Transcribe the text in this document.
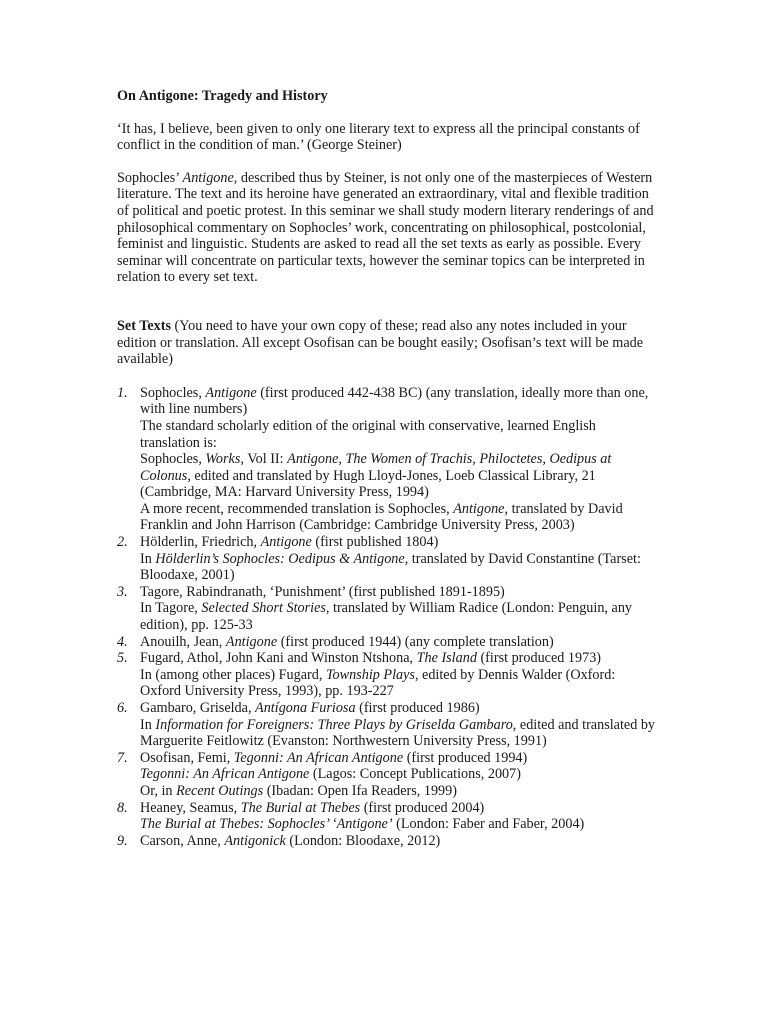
On Antigone: Tragedy and History
‘It has, I believe, been given to only one literary text to express all the principal constants of conflict in the condition of man.’ (George Steiner)
Sophocles’ Antigone, described thus by Steiner, is not only one of the masterpieces of Western literature. The text and its heroine have generated an extraordinary, vital and flexible tradition of political and poetic protest. In this seminar we shall study modern literary renderings of and philosophical commentary on Sophocles’ work, concentrating on philosophical, postcolonial, feminist and linguistic. Students are asked to read all the set texts as early as possible. Every seminar will concentrate on particular texts, however the seminar topics can be interpreted in relation to every set text.
Set Texts (You need to have your own copy of these; read also any notes included in your edition or translation. All except Osofisan can be bought easily; Osofisan’s text will be made available)
1. Sophocles, Antigone (first produced 442-438 BC) (any translation, ideally more than one, with line numbers)
The standard scholarly edition of the original with conservative, learned English translation is:
Sophocles, Works, Vol II: Antigone, The Women of Trachis, Philoctetes, Oedipus at Colonus, edited and translated by Hugh Lloyd-Jones, Loeb Classical Library, 21 (Cambridge, MA: Harvard University Press, 1994)
A more recent, recommended translation is Sophocles, Antigone, translated by David Franklin and John Harrison (Cambridge: Cambridge University Press, 2003)
2. Hölderlin, Friedrich, Antigone (first published 1804)
In Hölderlin’s Sophocles: Oedipus & Antigone, translated by David Constantine (Tarset: Bloodaxe, 2001)
3. Tagore, Rabindranath, ‘Punishment’ (first published 1891-1895)
In Tagore, Selected Short Stories, translated by William Radice (London: Penguin, any edition), pp. 125-33
4. Anouilh, Jean, Antigone (first produced 1944) (any complete translation)
5. Fugard, Athol, John Kani and Winston Ntshona, The Island (first produced 1973)
In (among other places) Fugard, Township Plays, edited by Dennis Walder (Oxford: Oxford University Press, 1993), pp. 193-227
6. Gambaro, Griselda, Antígona Furiosa (first produced 1986)
In Information for Foreigners: Three Plays by Griselda Gambaro, edited and translated by Marguerite Feitlowitz (Evanston: Northwestern University Press, 1991)
7. Osofisan, Femi, Tegonni: An African Antigone (first produced 1994)
Tegonni: An African Antigone (Lagos: Concept Publications, 2007)
Or, in Recent Outings (Ibadan: Open Ifa Readers, 1999)
8. Heaney, Seamus, The Burial at Thebes (first produced 2004)
The Burial at Thebes: Sophocles’ ‘Antigone’ (London: Faber and Faber, 2004)
9. Carson, Anne, Antigonick (London: Bloodaxe, 2012)
